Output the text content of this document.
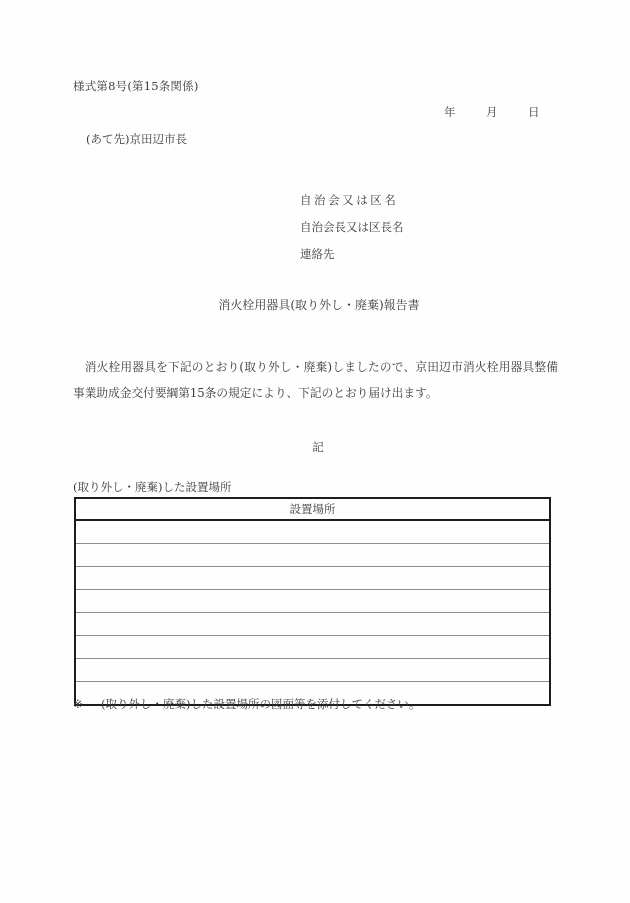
様式第8号(第15条関係)
年	月	日
(あて先)京田辺市長
自治会又は区名
自治会長又は区長名
連絡先
消火栓用器具(取り外し・廃棄)報告書
消火栓用器具を下記のとおり(取り外し・廃棄)しましたので、京田辺市消火栓用器具整備事業助成金交付要綱第15条の規定により、下記のとおり届け出ます。
記
(取り外し・廃棄)した設置場所
設置場所

※ (取り外し・廃棄)した設置場所の図面等を添付してください。
